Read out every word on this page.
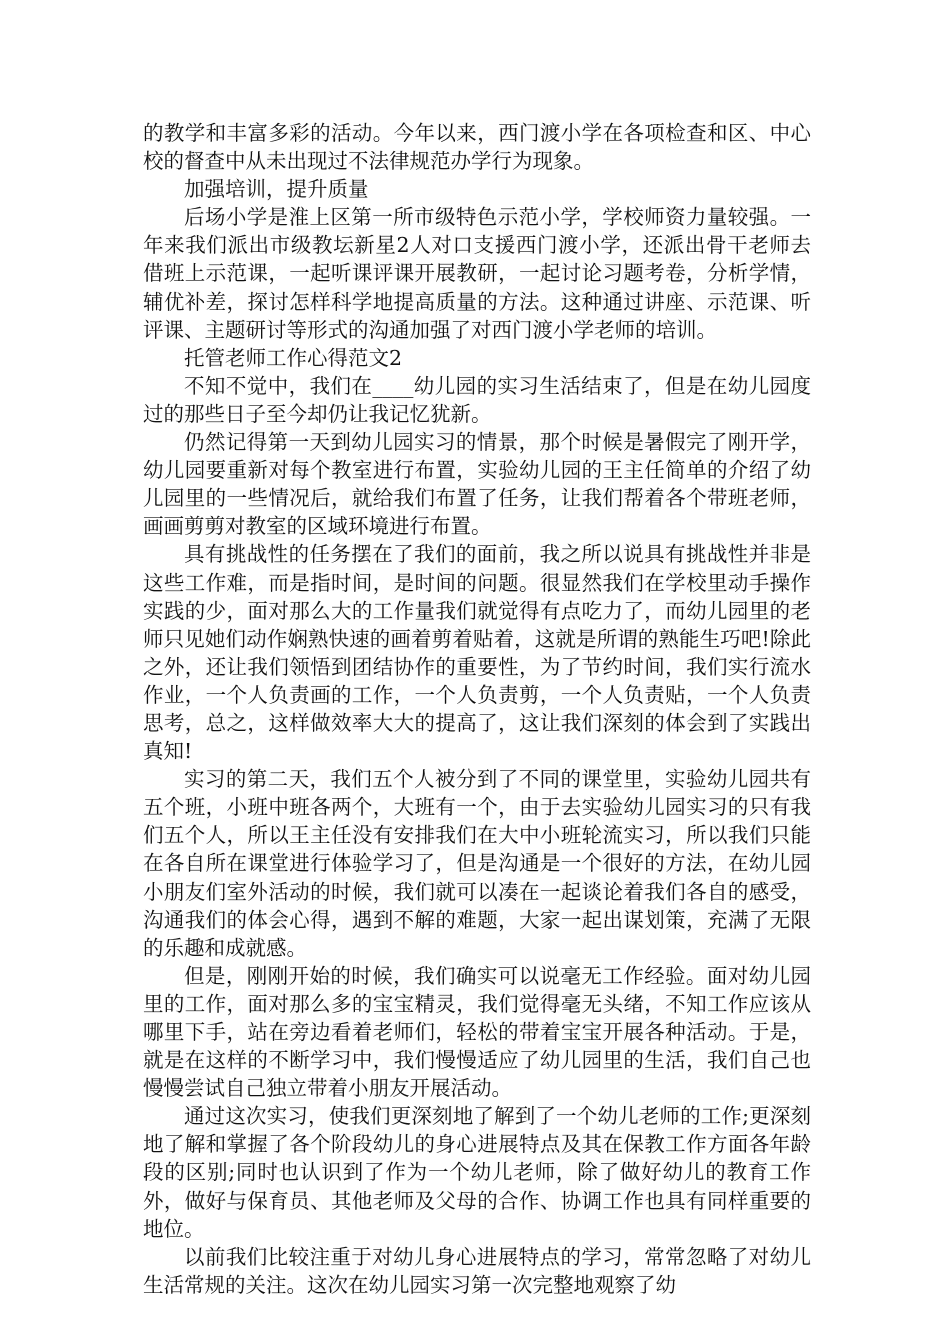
的教学和丰富多彩的活动。今年以来，西门渡小学在各项检查和区、中心校的督查中从未出现过不法律规范办学行为现象。

加强培训，提升质量

后场小学是淮上区第一所市级特色示范小学，学校师资力量较强。一年来我们派出市级教坛新星2人对口支援西门渡小学，还派出骨干老师去借班上示范课，一起听课评课开展教研，一起讨论习题考卷，分析学情，辅优补差，探讨怎样科学地提高质量的方法。这种通过讲座、示范课、听评课、主题研讨等形式的沟通加强了对西门渡小学老师的培训。

托管老师工作心得范文2

不知不觉中，我们在____幼儿园的实习生活结束了，但是在幼儿园度过的那些日子至今却仍让我记忆犹新。

仍然记得第一天到幼儿园实习的情景，那个时候是暑假完了刚开学，幼儿园要重新对每个教室进行布置，实验幼儿园的王主任简单的介绍了幼儿园里的一些情况后，就给我们布置了任务，让我们帮着各个带班老师，画画剪剪对教室的区域环境进行布置。

具有挑战性的任务摆在了我们的面前，我之所以说具有挑战性并非是这些工作难，而是指时间，是时间的问题。很显然我们在学校里动手操作实践的少，面对那么大的工作量我们就觉得有点吃力了，而幼儿园里的老师只见她们动作娴熟快速的画着剪着贴着，这就是所谓的熟能生巧吧!除此之外，还让我们领悟到团结协作的重要性，为了节约时间，我们实行流水作业，一个人负责画的工作，一个人负责剪，一个人负责贴，一个人负责思考，总之，这样做效率大大的提高了，这让我们深刻的体会到了实践出真知!

实习的第二天，我们五个人被分到了不同的课堂里，实验幼儿园共有五个班，小班中班各两个，大班有一个，由于去实验幼儿园实习的只有我们五个人，所以王主任没有安排我们在大中小班轮流实习，所以我们只能在各自所在课堂进行体验学习了，但是沟通是一个很好的方法，在幼儿园小朋友们室外活动的时候，我们就可以凑在一起谈论着我们各自的感受，沟通我们的体会心得，遇到不解的难题，大家一起出谋划策，充满了无限的乐趣和成就感。

但是，刚刚开始的时候，我们确实可以说毫无工作经验。面对幼儿园里的工作，面对那么多的宝宝精灵，我们觉得毫无头绪，不知工作应该从哪里下手，站在旁边看着老师们，轻松的带着宝宝开展各种活动。于是，就是在这样的不断学习中，我们慢慢适应了幼儿园里的生活，我们自己也慢慢尝试自己独立带着小朋友开展活动。

通过这次实习，使我们更深刻地了解到了一个幼儿老师的工作;更深刻地了解和掌握了各个阶段幼儿的身心进展特点及其在保教工作方面各年龄段的区别;同时也认识到了作为一个幼儿老师，除了做好幼儿的教育工作外，做好与保育员、其他老师及父母的合作、协调工作也具有同样重要的地位。

以前我们比较注重于对幼儿身心进展特点的学习，常常忽略了对幼儿生活常规的关注。这次在幼儿园实习第一次完整地观察了幼
